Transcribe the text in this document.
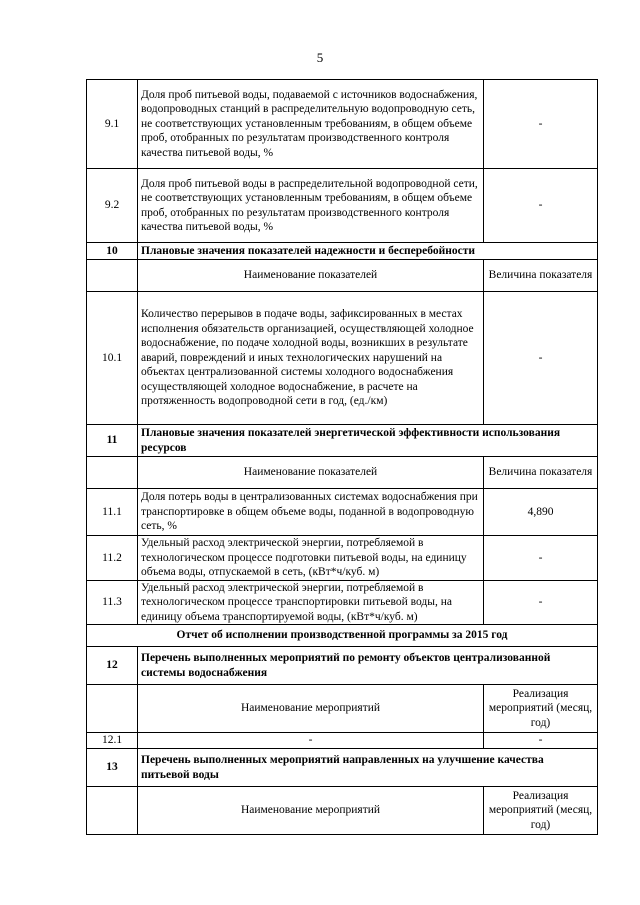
5
9.1	Доля проб питьевой воды, подаваемой с источников водоснабжения, водопроводных станций в распределительную водопроводную сеть, не соответствующих установленным требованиям, в общем объеме проб, отобранных по результатам производственного контроля качества питьевой воды, %	-
9.2	Доля проб питьевой воды в распределительной водопроводной сети, не соответствующих установленным требованиям, в общем объеме проб, отобранных по результатам производственного контроля качества питьевой воды, %	-
10	Плановые значения показателей надежности и бесперебойности	
	Наименование показателей	Величина показателя
10.1	Количество перерывов в подаче воды, зафиксированных в местах исполнения обязательств организацией, осуществляющей холодное водоснабжение, по подаче холодной воды, возникших в результате аварий, повреждений и иных технологических нарушений на объектах централизованной системы холодного водоснабжения осуществляющей холодное водоснабжение, в расчете на протяженность водопроводной сети в год, (ед./км)	-
11	Плановые значения показателей энергетической эффективности использования ресурсов	
	Наименование показателей	Величина показателя
11.1	Доля потерь воды в централизованных системах водоснабжения при транспортировке в общем объеме воды, поданной в водопроводную сеть, %	4,890
11.2	Удельный расход электрической энергии, потребляемой в технологическом процессе подготовки питьевой воды, на единицу объема воды, отпускаемой в сеть, (кВт*ч/куб. м)	-
11.3	Удельный расход электрической энергии, потребляемой в технологическом процессе транспортировки питьевой воды, на единицу объема транспортируемой воды, (кВт*ч/куб. м)	-
Отчет об исполнении производственной программы за 2015 год		
12	Перечень выполненных мероприятий по ремонту объектов централизованной системы водоснабжения	
	Наименование мероприятий	Реализация мероприятий (месяц, год)
12.1	-	-
13	Перечень выполненных мероприятий направленных на улучшение качества питьевой воды	
	Наименование мероприятий	Реализация мероприятий (месяц, год)
